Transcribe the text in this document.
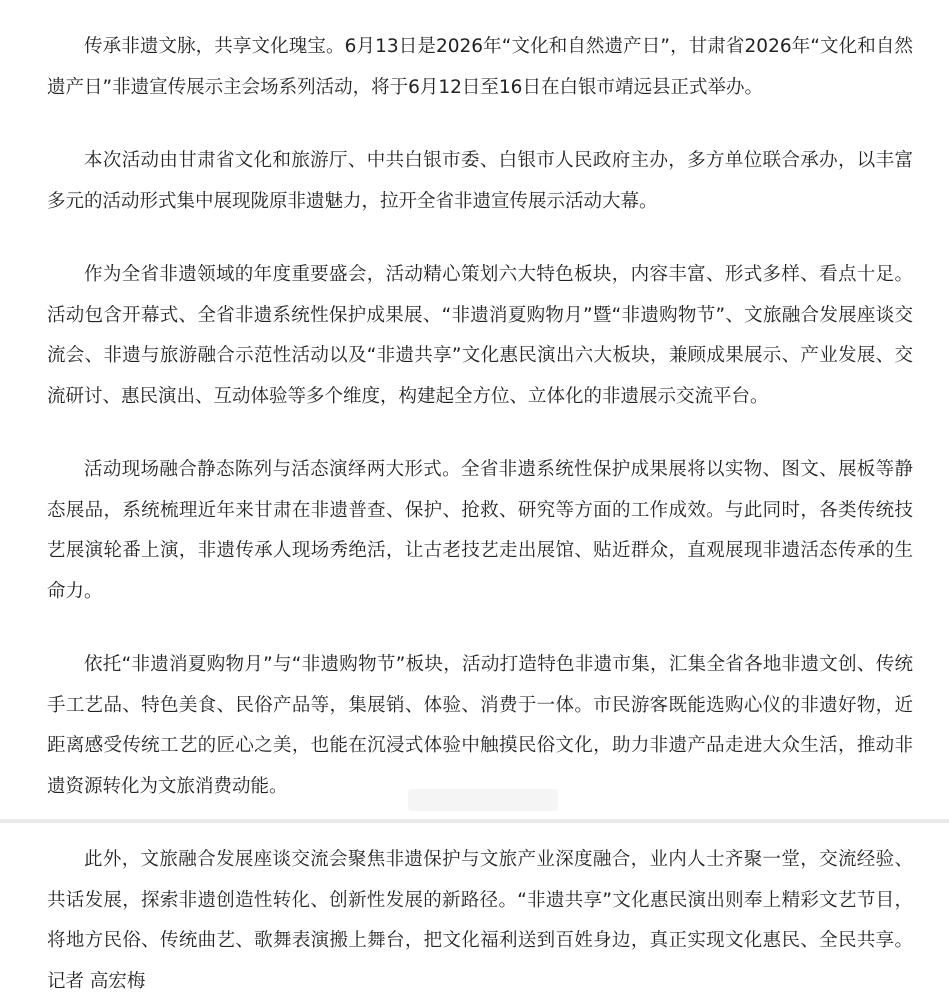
传承非遗文脉，共享文化瑰宝。6月13日是2026年“文化和自然遗产日”，甘肃省2026年“文化和自然遗产日”非遗宣传展示主会场系列活动，将于6月12日至16日在白银市靖远县正式举办。

本次活动由甘肃省文化和旅游厅、中共白银市委、白银市人民政府主办，多方单位联合承办，以丰富多元的活动形式集中展现陇原非遗魅力，拉开全省非遗宣传展示活动大幕。

作为全省非遗领域的年度重要盛会，活动精心策划六大特色板块，内容丰富、形式多样、看点十足。活动包含开幕式、全省非遗系统性保护成果展、“非遗消夏购物月”暨“非遗购物节”、文旅融合发展座谈交流会、非遗与旅游融合示范性活动以及“非遗共享”文化惠民演出六大板块，兼顾成果展示、产业发展、交流研讨、惠民演出、互动体验等多个维度，构建起全方位、立体化的非遗展示交流平台。

活动现场融合静态陈列与活态演绎两大形式。全省非遗系统性保护成果展将以实物、图文、展板等静态展品，系统梳理近年来甘肃在非遗普查、保护、抢救、研究等方面的工作成效。与此同时，各类传统技艺展演轮番上演，非遗传承人现场秀绝活，让古老技艺走出展馆、贴近群众，直观展现非遗活态传承的生命力。

依托“非遗消夏购物月”与“非遗购物节”板块，活动打造特色非遗市集，汇集全省各地非遗文创、传统手工艺品、特色美食、民俗产品等，集展销、体验、消费于一体。市民游客既能选购心仪的非遗好物，近距离感受传统工艺的匠心之美，也能在沉浸式体验中触摸民俗文化，助力非遗产品走进大众生活，推动非遗资源转化为文旅消费动能。

此外，文旅融合发展座谈交流会聚焦非遗保护与文旅产业深度融合，业内人士齐聚一堂，交流经验、共话发展，探索非遗创造性转化、创新性发展的新路径。“非遗共享”文化惠民演出则奉上精彩文艺节目，将地方民俗、传统曲艺、歌舞表演搬上舞台，把文化福利送到百姓身边，真正实现文化惠民、全民共享。记者 高宏梅
